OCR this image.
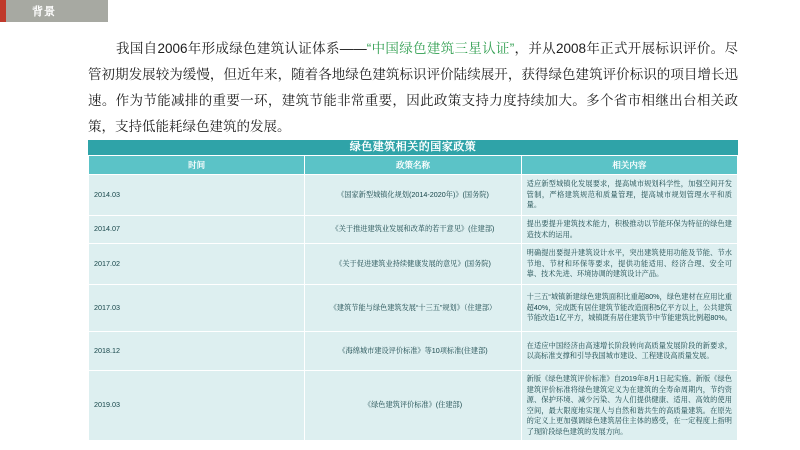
背景
我国自2006年形成绿色建筑认证体系——“中国绿色建筑三星认证”，并从2008年正式开展标识评价。尽管初期发展较为缓慢，但近年来，随着各地绿色建筑标识评价陆续展开，获得绿色建筑评价标识的项目增长迅速。作为节能减排的重要一环，建筑节能非常重要，因此政策支持力度持续加大。多个省市相继出台相关政策，支持低能耗绿色建筑的发展。
绿色建筑相关的国家政策
时间	政策名称	相关内容
2014.03	《国家新型城镇化规划(2014-2020年)》(国务院)	适应新型城镇化发展要求，提高城市规划科学性，加强空间开发管制，严格建筑规范和质量管理，提高城市规划管理水平和质量。
2014.07	《关于推进建筑业发展和改革的若干意见》(住建部)	提出要提升建筑技术能力，积极推动以节能环保为特征的绿色建造技术的运用。
2017.02	《关于促进建筑业持续健康发展的意见》(国务院)	明确提出要提升建筑设计水平，突出建筑使用功能及节能、节水节地、节材和环保等要求，提供功能适用、经济合理、安全可靠、技术先进、环境协调的建筑设计产品。
2017.03	《建筑节能与绿色建筑发展“十三五”规划》（住建部）	十三五“城镇新建绿色建筑面积比重超80%，绿色建材在应用比重超40%，完成既有居住建筑节能改造面积5亿平方以上，公共建筑节能改造1亿平方，城镇既有居住建筑节中节能建筑比例超80%。
2018.12	《海绵城市建设评价标准》等10项标准(住建部)	在适应中国经济由高速增长阶段转向高质量发展阶段的新要求，以高标准支撑和引导我国城市建设、工程建设高质量发展。
2019.03	《绿色建筑评价标准》(住建部)	新版《绿色建筑评价标准》自2019年8月1日起实施。新版《绿色建筑评价标准将绿色建筑定义为在建筑的全寿命周期内，节约资源、保护环境、减少污染、为人们提供健康、适用、高效的使用空间，最大限度地实现人与自然和谐共生的高质量建筑。在原先的定义上更加强调绿色建筑居住主体的感受，在一定程度上指明了现阶段绿色建筑的发展方向。
